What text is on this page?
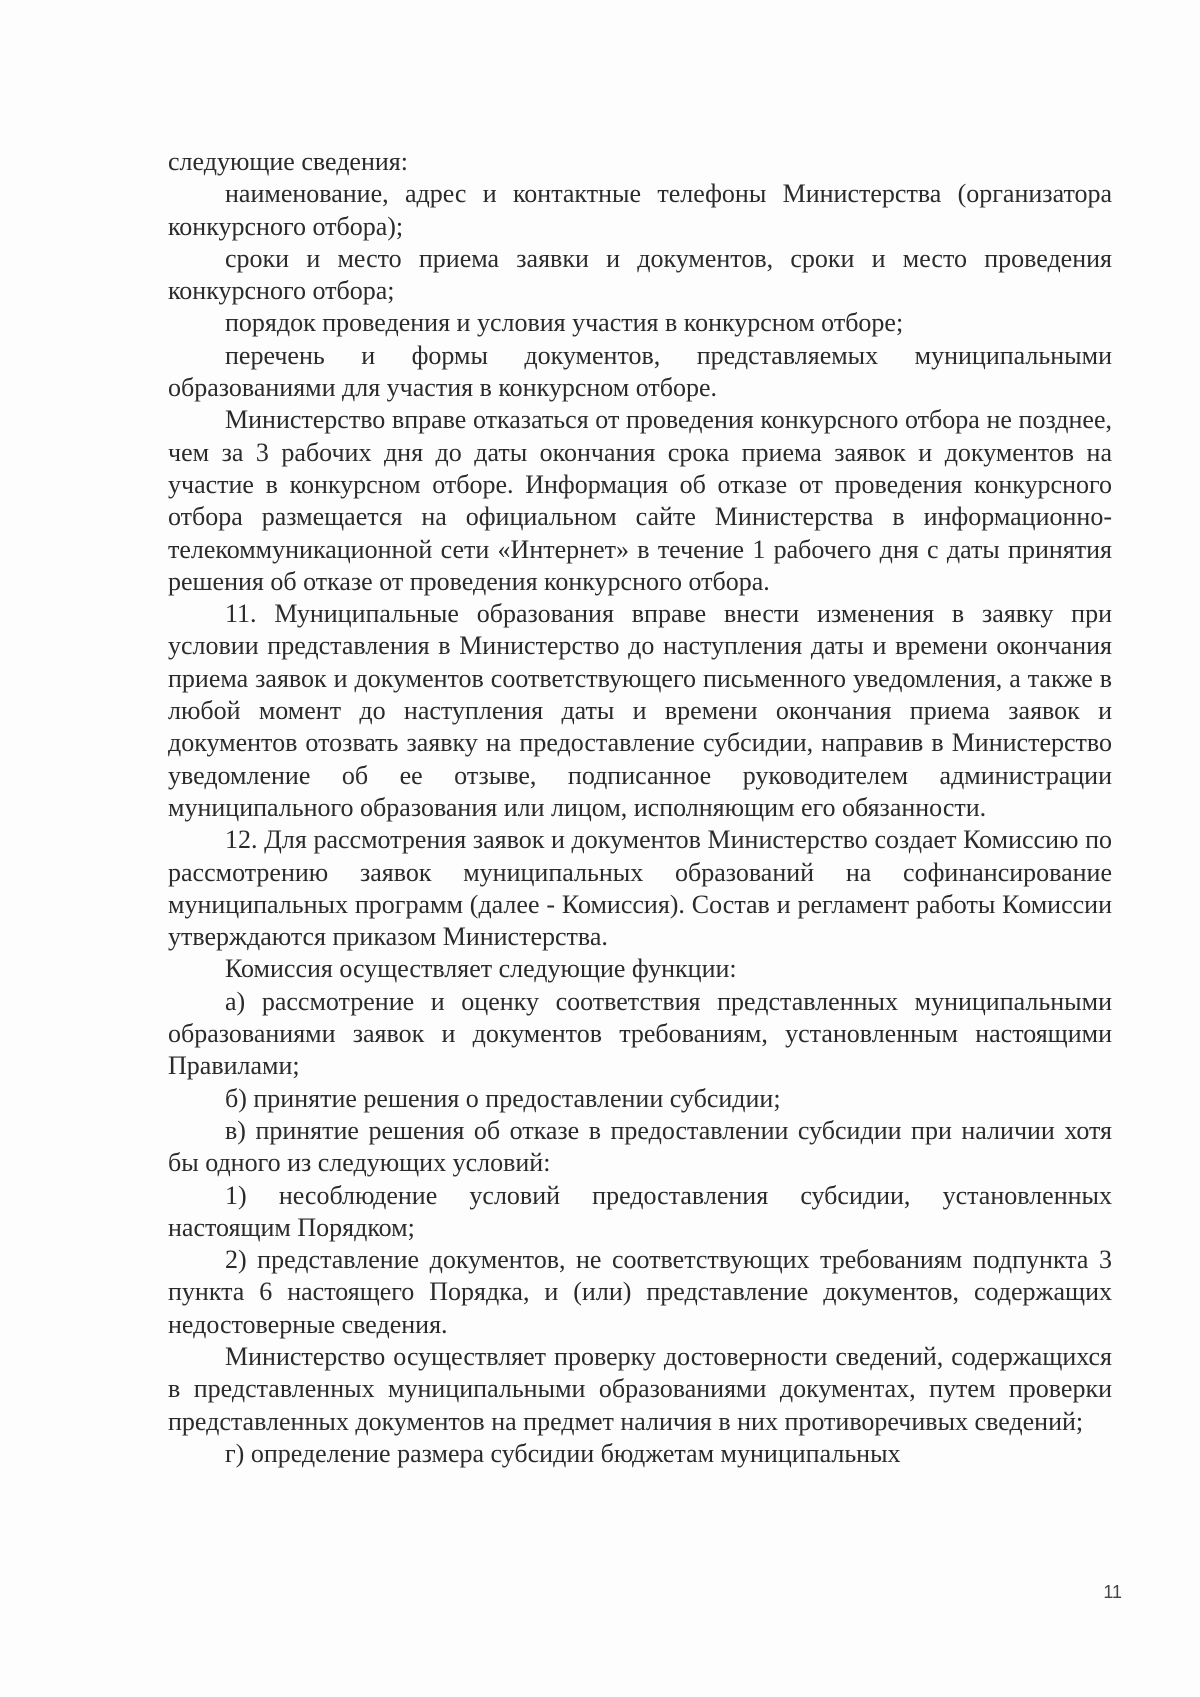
следующие сведения:

наименование, адрес и контактные телефоны Министерства (организатора конкурсного отбора);

сроки и место приема заявки и документов, сроки и место проведения конкурсного отбора;

порядок проведения и условия участия в конкурсном отборе;

перечень и формы документов, представляемых муниципальными образованиями для участия в конкурсном отборе.

Министерство вправе отказаться от проведения конкурсного отбора не позднее, чем за 3 рабочих дня до даты окончания срока приема заявок и документов на участие в конкурсном отборе. Информация об отказе от проведения конкурсного отбора размещается на официальном сайте Министерства в информационно-телекоммуникационной сети «Интернет» в течение 1 рабочего дня с даты принятия решения об отказе от проведения конкурсного отбора.

11. Муниципальные образования вправе внести изменения в заявку при условии представления в Министерство до наступления даты и времени окончания приема заявок и документов соответствующего письменного уведомления, а также в любой момент до наступления даты и времени окончания приема заявок и документов отозвать заявку на предоставление субсидии, направив в Министерство уведомление об ее отзыве, подписанное руководителем администрации муниципального образования или лицом, исполняющим его обязанности.

12. Для рассмотрения заявок и документов Министерство создает Комиссию по рассмотрению заявок муниципальных образований на софинансирование муниципальных программ (далее - Комиссия). Состав и регламент работы Комиссии утверждаются приказом Министерства.

Комиссия осуществляет следующие функции:

а) рассмотрение и оценку соответствия представленных муниципальными образованиями заявок и документов требованиям, установленным настоящими Правилами;

б) принятие решения о предоставлении субсидии;

в) принятие решения об отказе в предоставлении субсидии при наличии хотя бы одного из следующих условий:

1) несоблюдение условий предоставления субсидии, установленных настоящим Порядком;

2) представление документов, не соответствующих требованиям подпункта 3 пункта 6 настоящего Порядка, и (или) представление документов, содержащих недостоверные сведения.

Министерство осуществляет проверку достоверности сведений, содержащихся в представленных муниципальными образованиями документах, путем проверки представленных документов на предмет наличия в них противоречивых сведений;

г) определение размера субсидии бюджетам муниципальных

11
